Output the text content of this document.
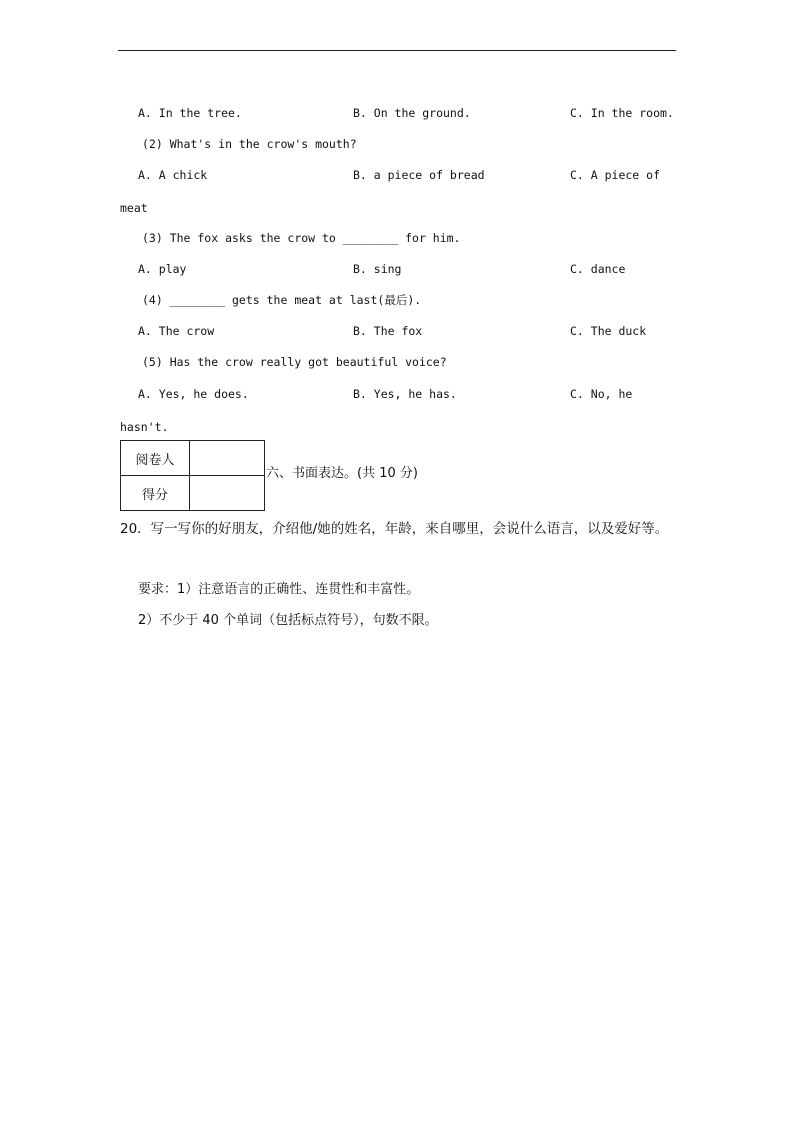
A. In the tree.	B. On the ground.	C. In the room.
(2) What's in the crow's mouth?
A. A chick	B. a piece of bread	C. A piece of
meat
(3) The fox asks the crow to ________ for him.
A. play	B. sing	C. dance
(4) ________ gets the meat at last(最后).
A. The crow	B. The fox	C. The duck
(5) Has the crow really got beautiful voice?
A. Yes, he does.	B. Yes, he has.	C. No, he
hasn't.
阅卷人	
得分	
六、书面表达。(共 10 分)
20．写一写你的好朋友，介绍他/她的姓名，年龄，来自哪里，会说什么语言，以及爱好等。
要求：1）注意语言的正确性、连贯性和丰富性。
2）不少于 40 个单词（包括标点符号），句数不限。
